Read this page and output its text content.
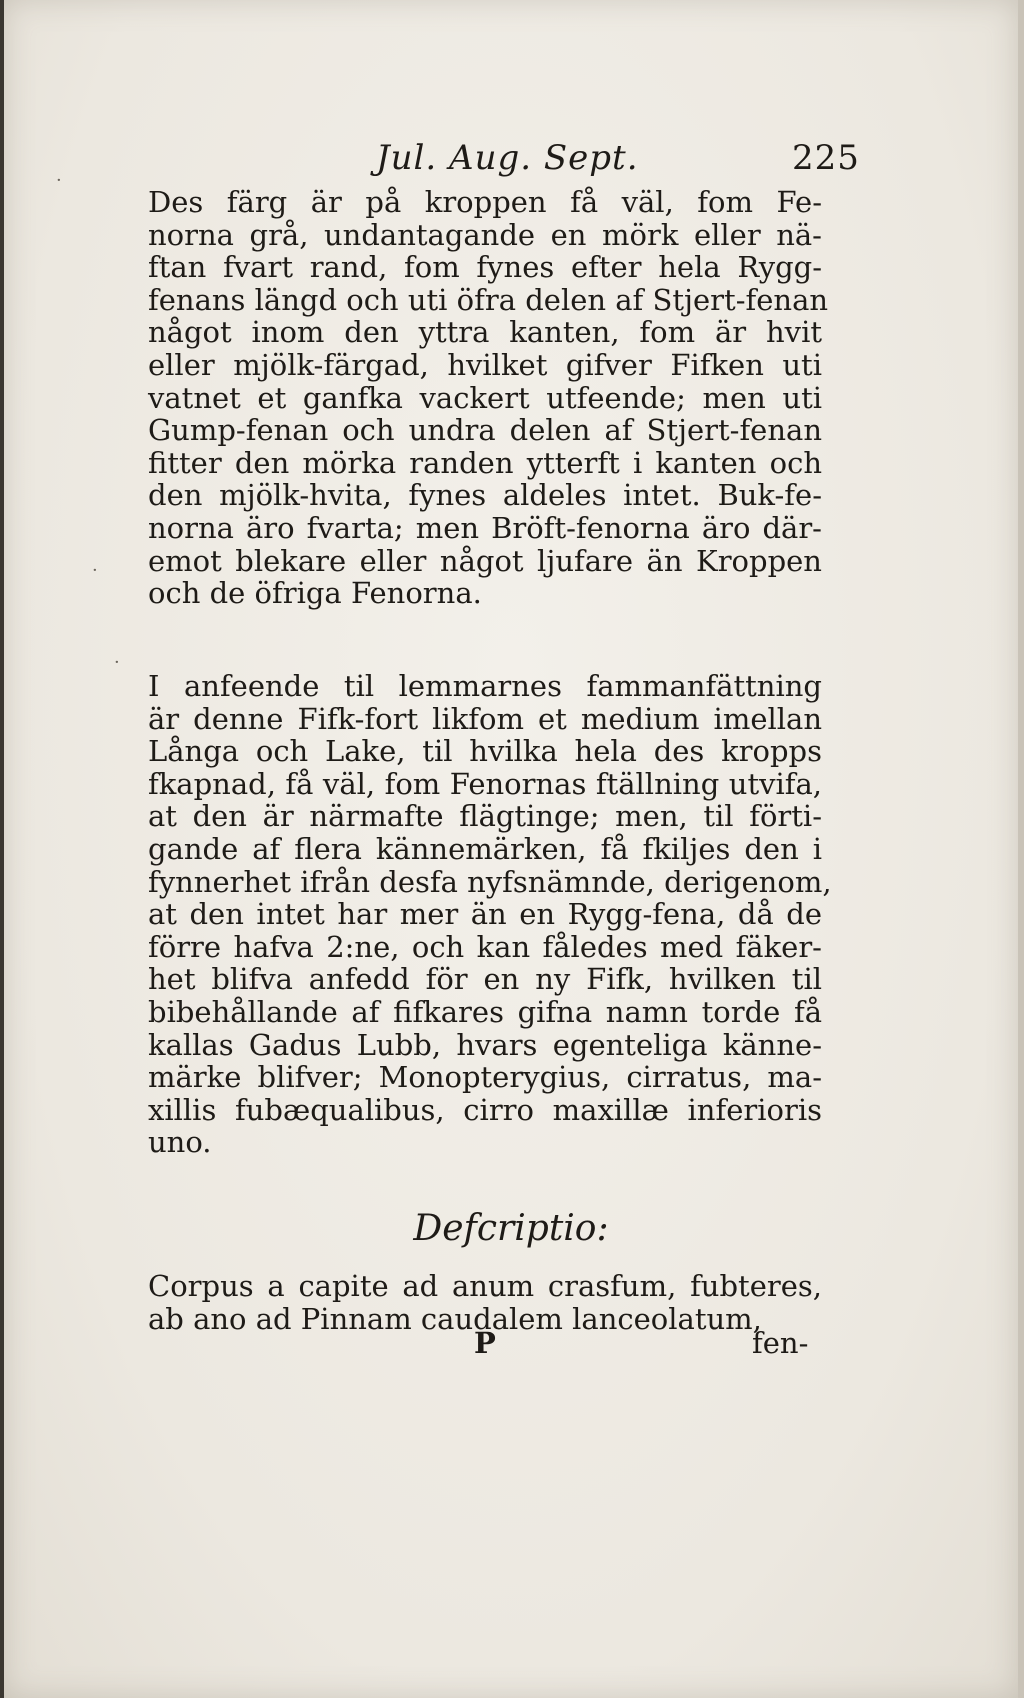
Jul. Aug. Sept.	225
Des färg är på kroppen få väl, fom Fe-
norna grå, undantagande en mörk eller nä-
ftan fvart rand, fom fynes efter hela Rygg-
fenans längd och uti öfra delen af Stjert-fenan
något inom den yttra kanten, fom är hvit
eller mjölk-färgad, hvilket gifver Fifken uti
vatnet et ganfka vackert utfeende; men uti
Gump-fenan och undra delen af Stjert-fenan
fitter den mörka randen ytterft i kanten och
den mjölk-hvita, fynes aldeles intet. Buk-fe-
norna äro fvarta; men Bröft-fenorna äro där-
emot blekare eller något ljufare än Kroppen
och de öfriga Fenorna.
I anfeende til lemmarnes fammanfättning
är denne Fifk-fort likfom et medium imellan
Långa och Lake, til hvilka hela des kropps
fkapnad, få väl, fom Fenornas ftällning utvifa,
at den är närmafte flägtinge; men, til förti-
gande af flera kännemärken, få fkiljes den i
fynnerhet ifrån desfa nyfsnämnde, derigenom,
at den intet har mer än en Rygg-fena, då de
förre hafva 2:ne, och kan fåledes med fäker-
het blifva anfedd för en ny Fifk, hvilken til
bibehållande af fifkares gifna namn torde få
kallas Gadus Lubb, hvars egenteliga känne-
märke blifver; Monopterygius, cirratus, ma-
xillis fubæqualibus, cirro maxillæ inferioris
uno.
Defcriptio:
Corpus a capite ad anum crasfum, fubteres,
ab ano ad Pinnam caudalem lanceolatum,
P	fen-
·
·
·
